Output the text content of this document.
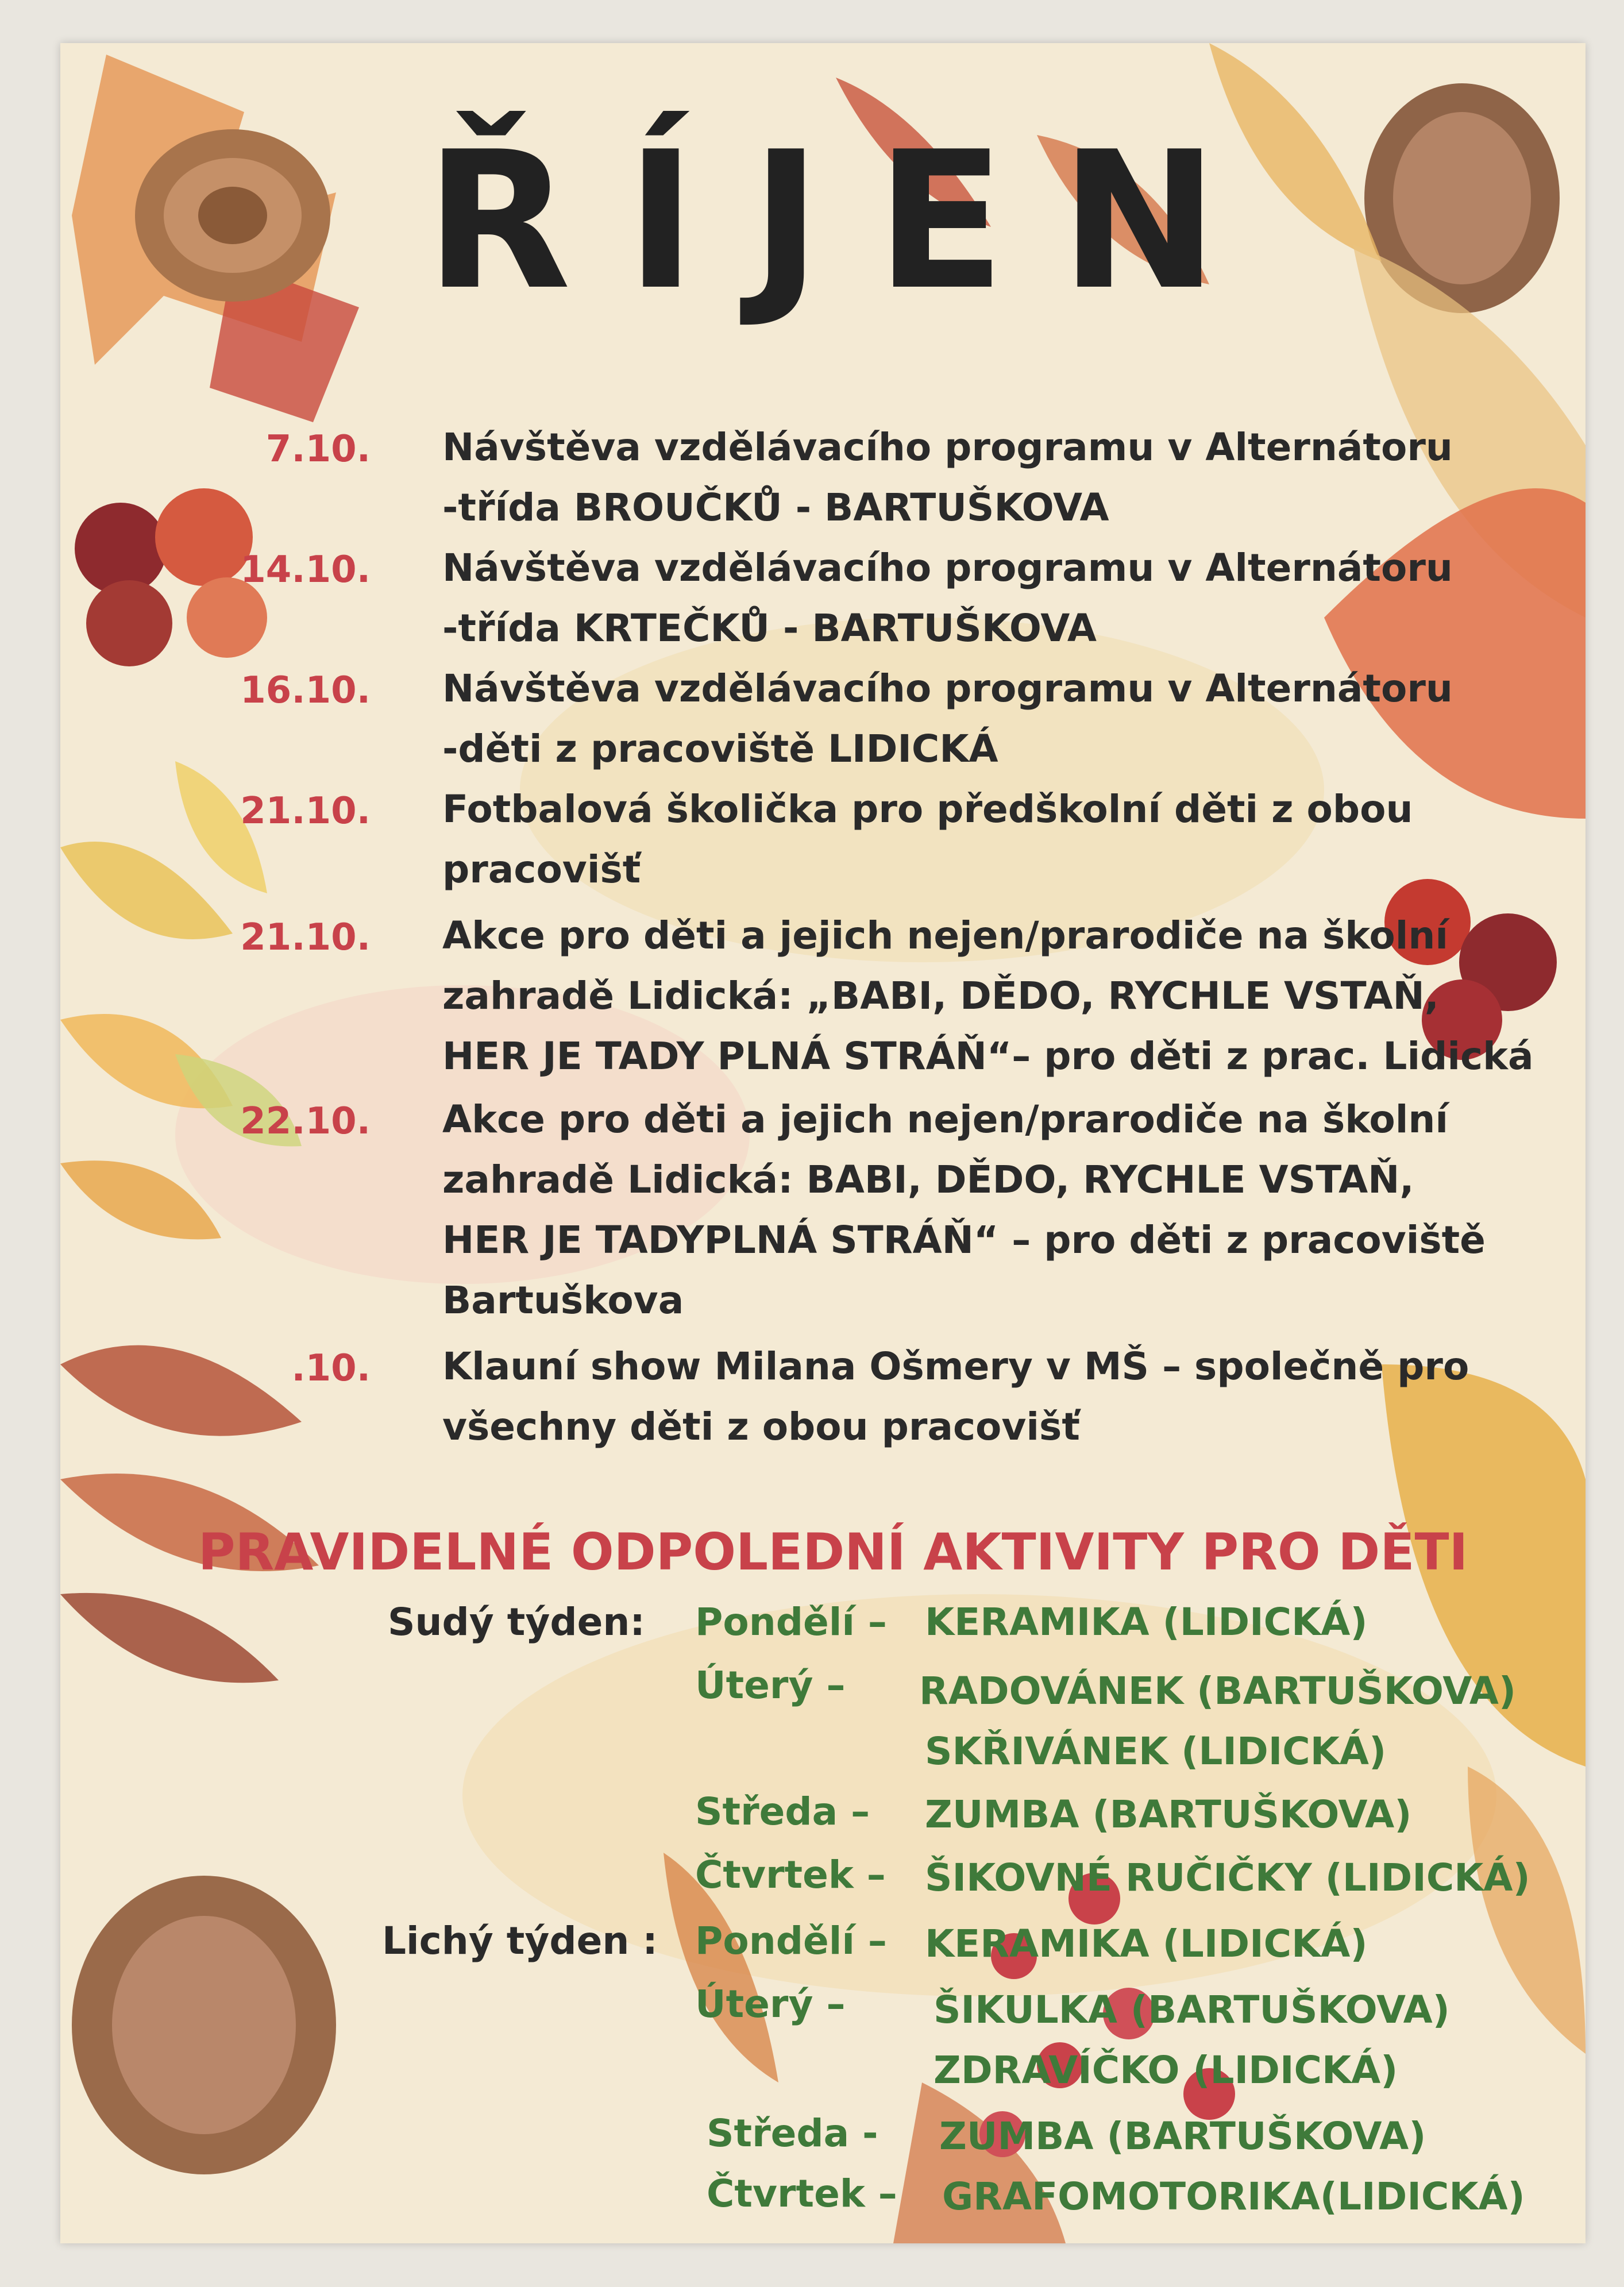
ŘÍJEN
7.10. Návštěva vzdělávacího programu v Alternátoru
-třída BROUČKŮ - BARTUŠKOVA
14.10. Návštěva vzdělávacího programu v Alternátoru
-třída KRTEČKŮ - BARTUŠKOVA
16.10. Návštěva vzdělávacího programu v Alternátoru
-děti z pracoviště LIDICKÁ
21.10. Fotbalová školička pro předškolní děti z obou
pracovišť
21.10. Akce pro děti a jejich nejen/prarodiče na školní
zahradě Lidická: „BABI, DĚDO, RYCHLE VSTAŇ,
HER JE TADY PLNÁ STRÁŇ“– pro děti z prac. Lidická
22.10. Akce pro děti a jejich nejen/prarodiče na školní
zahradě Lidická: BABI, DĚDO, RYCHLE VSTAŇ,
HER JE TADYPLNÁ STRÁŇ“ – pro děti z pracoviště
Bartuškova
.10. Klauní show Milana Ošmery v MŠ – společně pro
všechny děti z obou pracovišť
PRAVIDELNÉ ODPOLEDNÍ AKTIVITY PRO DĚTI
Sudý týden: Pondělí – KERAMIKA (LIDICKÁ)
Úterý – RADOVÁNEK (BARTUŠKOVA)
SKŘIVÁNEK (LIDICKÁ)
Středa – ZUMBA (BARTUŠKOVA)
Čtvrtek – ŠIKOVNÉ RUČIČKY (LIDICKÁ)
Lichý týden : Pondělí – KERAMIKA (LIDICKÁ)
Úterý – ŠIKULKA (BARTUŠKOVA)
ZDRAVÍČKO (LIDICKÁ)
Středa - ZUMBA (BARTUŠKOVA)
Čtvrtek – GRAFOMOTORIKA(LIDICKÁ)
